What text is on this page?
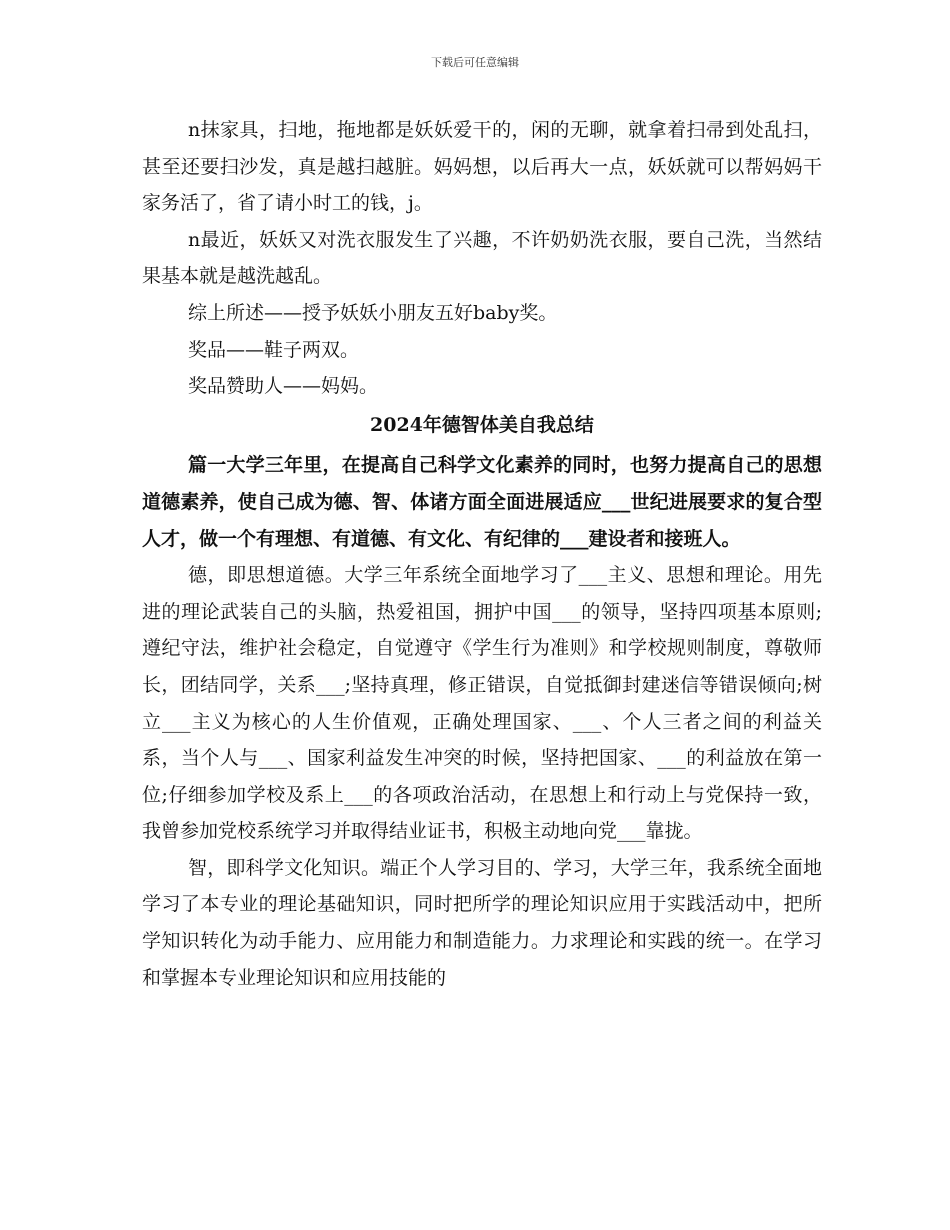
下载后可任意编辑

n抹家具，扫地，拖地都是妖妖爱干的，闲的无聊，就拿着扫帚到处乱扫，甚至还要扫沙发，真是越扫越脏。妈妈想，以后再大一点，妖妖就可以帮妈妈干家务活了，省了请小时工的钱，j。

n最近，妖妖又对洗衣服发生了兴趣，不许奶奶洗衣服，要自己洗，当然结果基本就是越洗越乱。

综上所述——授予妖妖小朋友五好baby奖。

奖品——鞋子两双。

奖品赞助人——妈妈。

2024年德智体美自我总结

篇一大学三年里，在提高自己科学文化素养的同时，也努力提高自己的思想道德素养，使自己成为德、智、体诸方面全面进展适应___世纪进展要求的复合型人才，做一个有理想、有道德、有文化、有纪律的___建设者和接班人。

德，即思想道德。大学三年系统全面地学习了___主义、思想和理论。用先进的理论武装自己的头脑，热爱祖国，拥护中国___的领导，坚持四项基本原则;遵纪守法，维护社会稳定，自觉遵守《学生行为准则》和学校规则制度，尊敬师长，团结同学，关系___;坚持真理，修正错误，自觉抵御封建迷信等错误倾向;树立___主义为核心的人生价值观，正确处理国家、___、个人三者之间的利益关系，当个人与___、国家利益发生冲突的时候，坚持把国家、___的利益放在第一位;仔细参加学校及系上___的各项政治活动，在思想上和行动上与党保持一致，我曾参加党校系统学习并取得结业证书，积极主动地向党___靠拢。

智，即科学文化知识。端正个人学习目的、学习，大学三年，我系统全面地学习了本专业的理论基础知识，同时把所学的理论知识应用于实践活动中，把所学知识转化为动手能力、应用能力和制造能力。力求理论和实践的统一。在学习和掌握本专业理论知识和应用技能的
